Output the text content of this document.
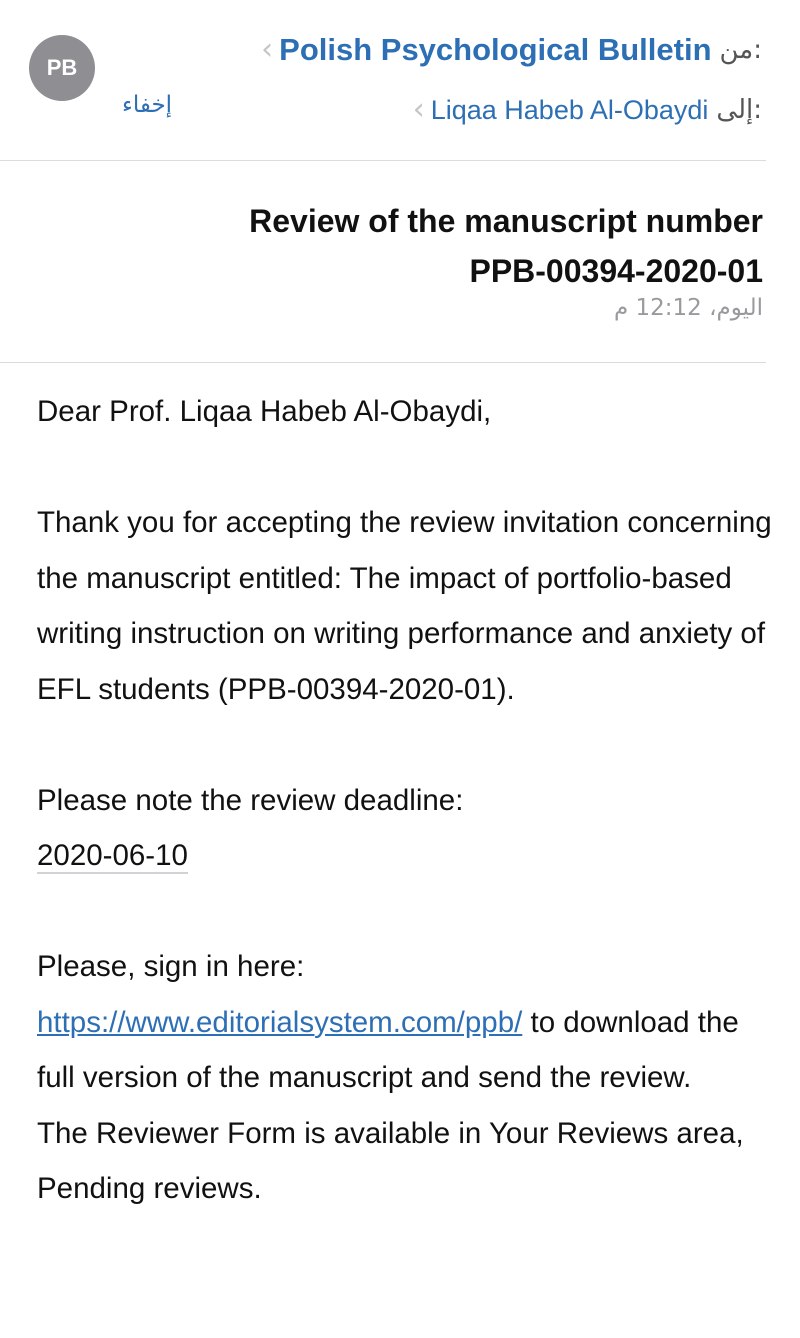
PB
‹ Polish Psychological Bulletin من:
‹ Liqaa Habeb Al-Obaydi إلى:
إخفاء
Review of the manuscript number
PPB-00394-2020-01
اليوم، 12:12 م

Dear Prof. Liqaa Habeb Al-Obaydi,

Thank you for accepting the review invitation concerning the manuscript entitled: The impact of portfolio-based writing instruction on writing performance and anxiety of EFL students (PPB-00394-2020-01).

Please note the review deadline:

2020-06-10

Please, sign in here: https://www.editorialsystem.com/ppb/ to download the full version of the manuscript and send the review.

The Reviewer Form is available in Your Reviews area, Pending reviews.
